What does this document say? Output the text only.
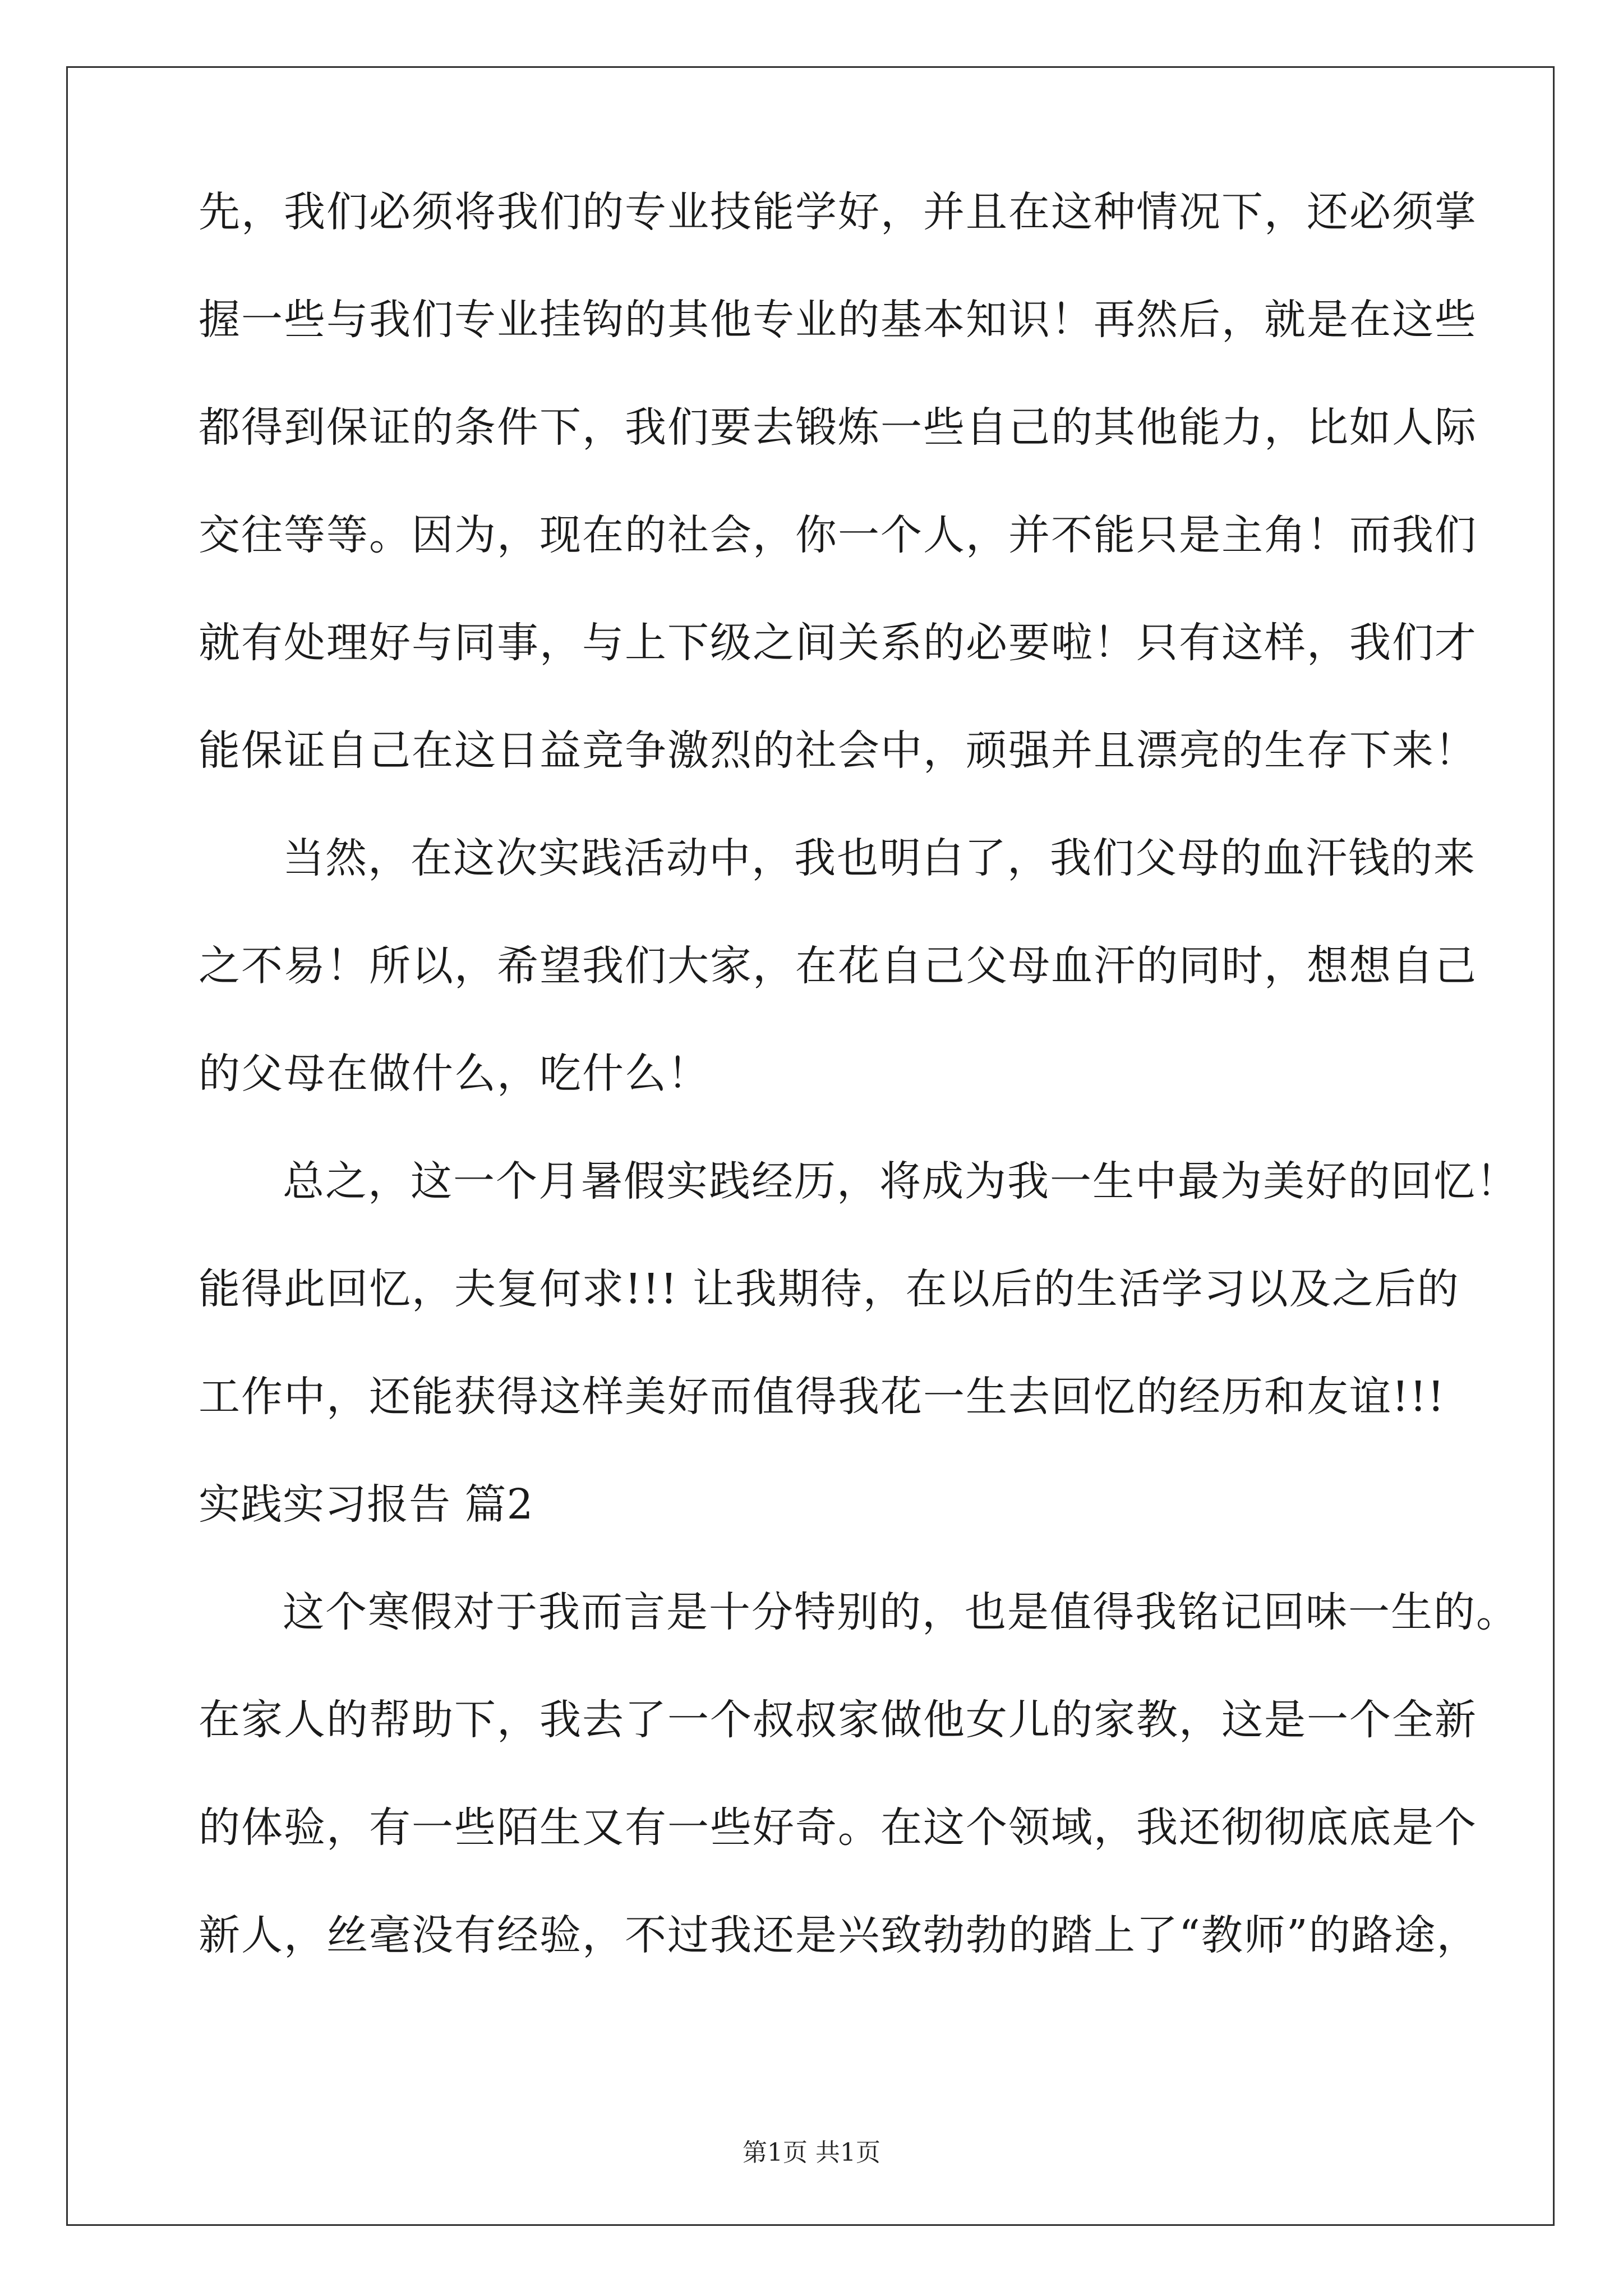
先，我们必须将我们的专业技能学好，并且在这种情况下，还必须掌
握一些与我们专业挂钩的其他专业的基本知识！再然后，就是在这些
都得到保证的条件下，我们要去锻炼一些自己的其他能力，比如人际
交往等等。因为，现在的社会，你一个人，并不能只是主角！而我们
就有处理好与同事，与上下级之间关系的必要啦！只有这样，我们才
能保证自己在这日益竞争激烈的社会中，顽强并且漂亮的生存下来！
当然，在这次实践活动中，我也明白了，我们父母的血汗钱的来
之不易！所以，希望我们大家，在花自己父母血汗的同时，想想自己
的父母在做什么，吃什么！
总之，这一个月暑假实践经历，将成为我一生中最为美好的回忆！
能得此回忆，夫复何求!!! 让我期待，在以后的生活学习以及之后的
工作中，还能获得这样美好而值得我花一生去回忆的经历和友谊!!!
实践实习报告 篇2
这个寒假对于我而言是十分特别的，也是值得我铭记回味一生的。
在家人的帮助下，我去了一个叔叔家做他女儿的家教，这是一个全新
的体验，有一些陌生又有一些好奇。在这个领域，我还彻彻底底是个
新人，丝毫没有经验，不过我还是兴致勃勃的踏上了“教师”的路途，
第1页 共1页
